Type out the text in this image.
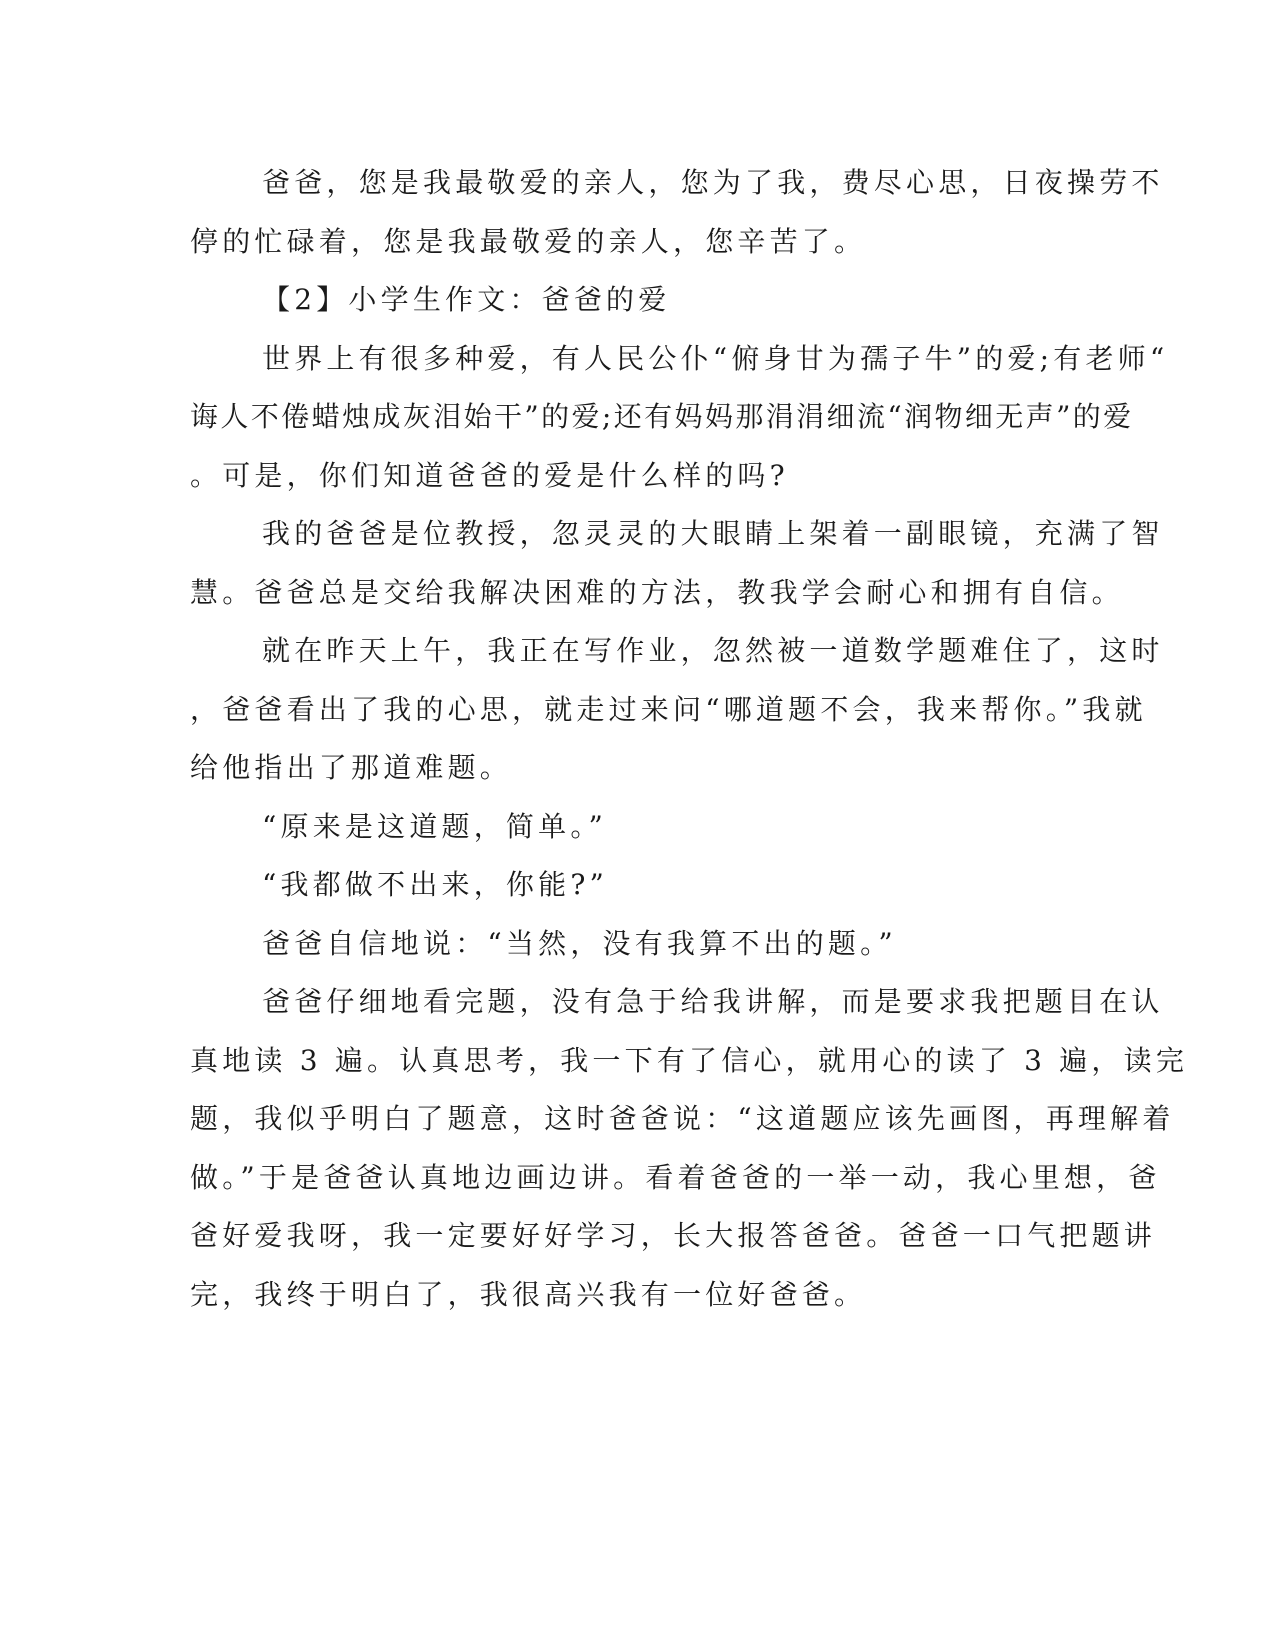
爸爸，您是我最敬爱的亲人，您为了我，费尽心思，日夜操劳不
停的忙碌着，您是我最敬爱的亲人，您辛苦了。
【2】小学生作文：爸爸的爱
世界上有很多种爱，有人民公仆“俯身甘为孺子牛”的爱;有老师“
诲人不倦蜡烛成灰泪始干”的爱;还有妈妈那涓涓细流“润物细无声”的爱
。可是，你们知道爸爸的爱是什么样的吗?
我的爸爸是位教授，忽灵灵的大眼睛上架着一副眼镜，充满了智
慧。爸爸总是交给我解决困难的方法，教我学会耐心和拥有自信。
就在昨天上午，我正在写作业，忽然被一道数学题难住了，这时
，爸爸看出了我的心思，就走过来问“哪道题不会，我来帮你。”我就
给他指出了那道难题。
“原来是这道题，简单。”
“我都做不出来，你能?”
爸爸自信地说：“当然，没有我算不出的题。”
爸爸仔细地看完题，没有急于给我讲解，而是要求我把题目在认
真地读 3 遍。认真思考，我一下有了信心，就用心的读了 3 遍，读完
题，我似乎明白了题意，这时爸爸说：“这道题应该先画图，再理解着
做。”于是爸爸认真地边画边讲。看着爸爸的一举一动，我心里想，爸
爸好爱我呀，我一定要好好学习，长大报答爸爸。爸爸一口气把题讲
完，我终于明白了，我很高兴我有一位好爸爸。
